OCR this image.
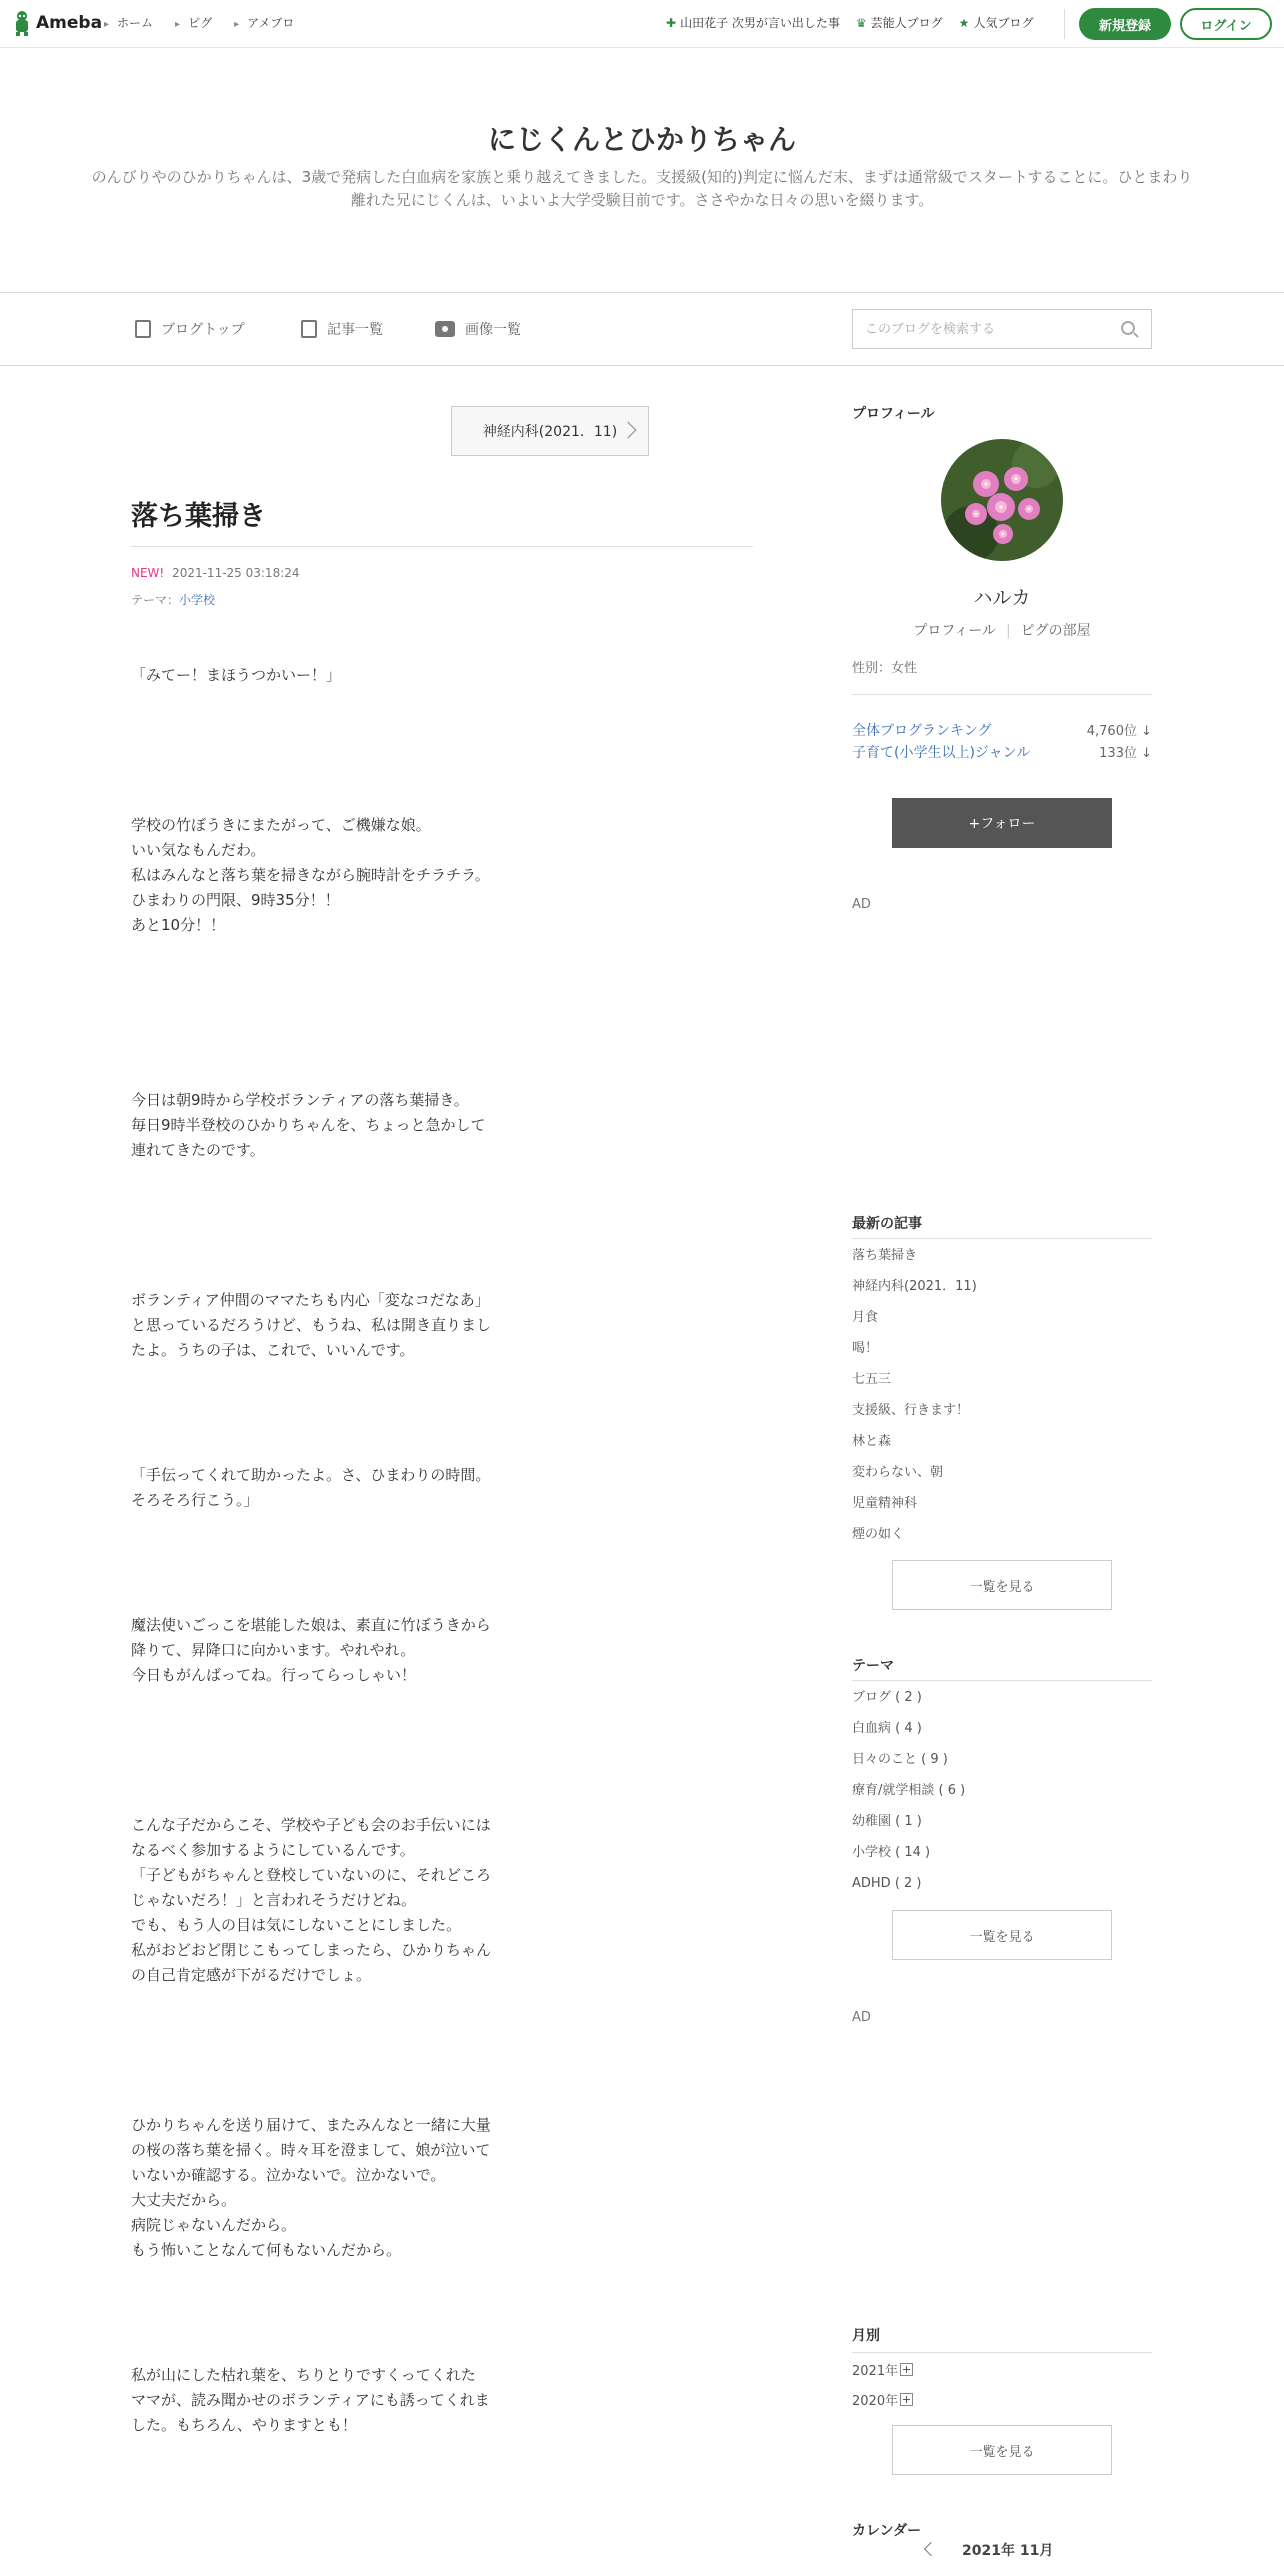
Ameba	▸ ホーム	▸ ピグ	▸ アメブロ	✚ 山田花子 次男が言い出した事 ♛ 芸能人ブログ ★ 人気ブログ	新規登録	ログイン
にじくんとひかりちゃん
のんびりやのひかりちゃんは、3歳で発病した白血病を家族と乗り越えてきました。支援級(知的)判定に悩んだ末、まずは通常級でスタートすることに。ひとまわり離れた兄にじくんは、いよいよ大学受験目前です。ささやかな日々の思いを綴ります。
ブログトップ	記事一覧	画像一覧
このブログを検索する
神経内科(2021．11)
落ち葉掃き
NEW! 2021-11-25 03:18:24
テーマ：小学校
「みてー！まほうつかいー！」
学校の竹ぼうきにまたがって、ご機嫌な娘。
いい気なもんだわ。
私はみんなと落ち葉を掃きながら腕時計をチラチラ。
ひまわりの門限、9時35分！！
あと10分！！
今日は朝9時から学校ボランティアの落ち葉掃き。
毎日9時半登校のひかりちゃんを、ちょっと急かして
連れてきたのです。
ボランティア仲間のママたちも内心「変なコだなあ」
と思っているだろうけど、もうね、私は開き直りまし
たよ。うちの子は、これで、いいんです。
「手伝ってくれて助かったよ。さ、ひまわりの時間。
そろそろ行こう。」
魔法使いごっこを堪能した娘は、素直に竹ぼうきから
降りて、昇降口に向かいます。やれやれ。
今日もがんばってね。行ってらっしゃい！
こんな子だからこそ、学校や子ども会のお手伝いには
なるべく参加するようにしているんです。
「子どもがちゃんと登校していないのに、それどころ
じゃないだろ！」と言われそうだけどね。
でも、もう人の目は気にしないことにしました。
私がおどおど閉じこもってしまったら、ひかりちゃん
の自己肯定感が下がるだけでしょ。
ひかりちゃんを送り届けて、またみんなと一緒に大量
の桜の落ち葉を掃く。時々耳を澄まして、娘が泣いて
いないか確認する。泣かないで。泣かないで。
大丈夫だから。
病院じゃないんだから。
もう怖いことなんて何もないんだから。
私が山にした枯れ葉を、ちりとりですくってくれた
ママが、読み聞かせのボランティアにも誘ってくれま
した。もちろん、やりますとも！
プロフィール
ハルカ
プロフィール | ピグの部屋
性別：女性
全体ブログランキング	4,760位 ↓
子育て(小学生以上)ジャンル	133位 ↓
+フォロー
AD
最新の記事
落ち葉掃き
神経内科(2021．11)
月食
喝！
七五三
支援級、行きます！
林と森
変わらない、朝
児童精神科
煙の如く
一覧を見る
テーマ
ブログ ( 2 )
白血病 ( 4 )
日々のこと ( 9 )
療育/就学相談 ( 6 )
幼稚園 ( 1 )
小学校 ( 14 )
ADHD ( 2 )
一覧を見る
AD
月別
2021年
2020年
一覧を見る
カレンダー
2021年 11月
